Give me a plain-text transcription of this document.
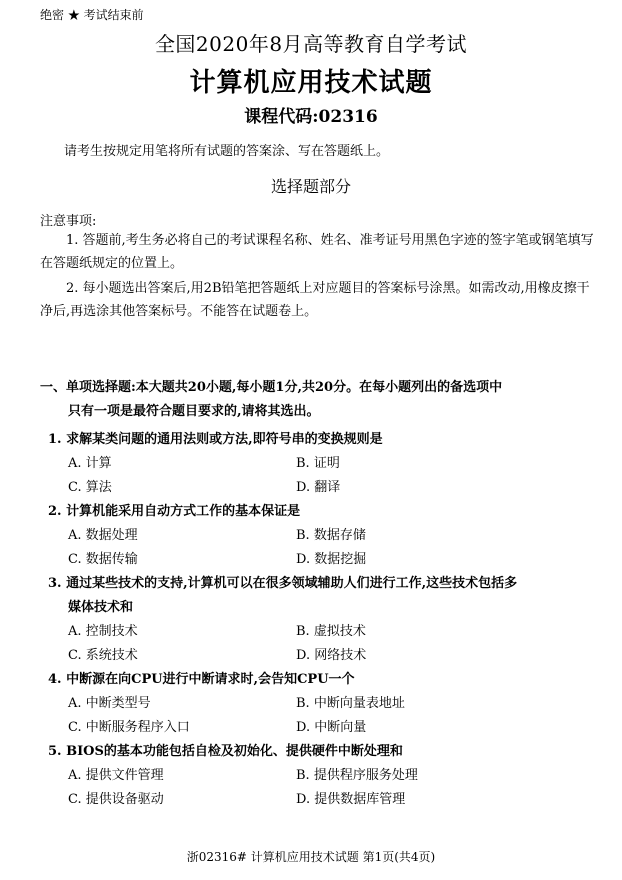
绝密 ★ 考试结束前
全国2020年8月高等教育自学考试
计算机应用技术试题
课程代码:02316
请考生按规定用笔将所有试题的答案涂、写在答题纸上。
选择题部分
注意事项:
1. 答题前,考生务必将自己的考试课程名称、姓名、准考证号用黑色字迹的签字笔或钢笔填写在答题纸规定的位置上。
2. 每小题选出答案后,用2B铅笔把答题纸上对应题目的答案标号涂黑。如需改动,用橡皮擦干净后,再选涂其他答案标号。不能答在试题卷上。
一、单项选择题:本大题共20小题,每小题1分,共20分。在每小题列出的备选项中
只有一项是最符合题目要求的,请将其选出。
1. 求解某类问题的通用法则或方法,即符号串的变换规则是
A. 计算	B. 证明
C. 算法	D. 翻译
2. 计算机能采用自动方式工作的基本保证是
A. 数据处理	B. 数据存储
C. 数据传输	D. 数据挖掘
3. 通过某些技术的支持,计算机可以在很多领域辅助人们进行工作,这些技术包括多
媒体技术和
A. 控制技术	B. 虚拟技术
C. 系统技术	D. 网络技术
4. 中断源在向CPU进行中断请求时,会告知CPU一个
A. 中断类型号	B. 中断向量表地址
C. 中断服务程序入口	D. 中断向量
5. BIOS的基本功能包括自检及初始化、提供硬件中断处理和
A. 提供文件管理	B. 提供程序服务处理
C. 提供设备驱动	D. 提供数据库管理
浙02316# 计算机应用技术试题 第1页(共4页)
